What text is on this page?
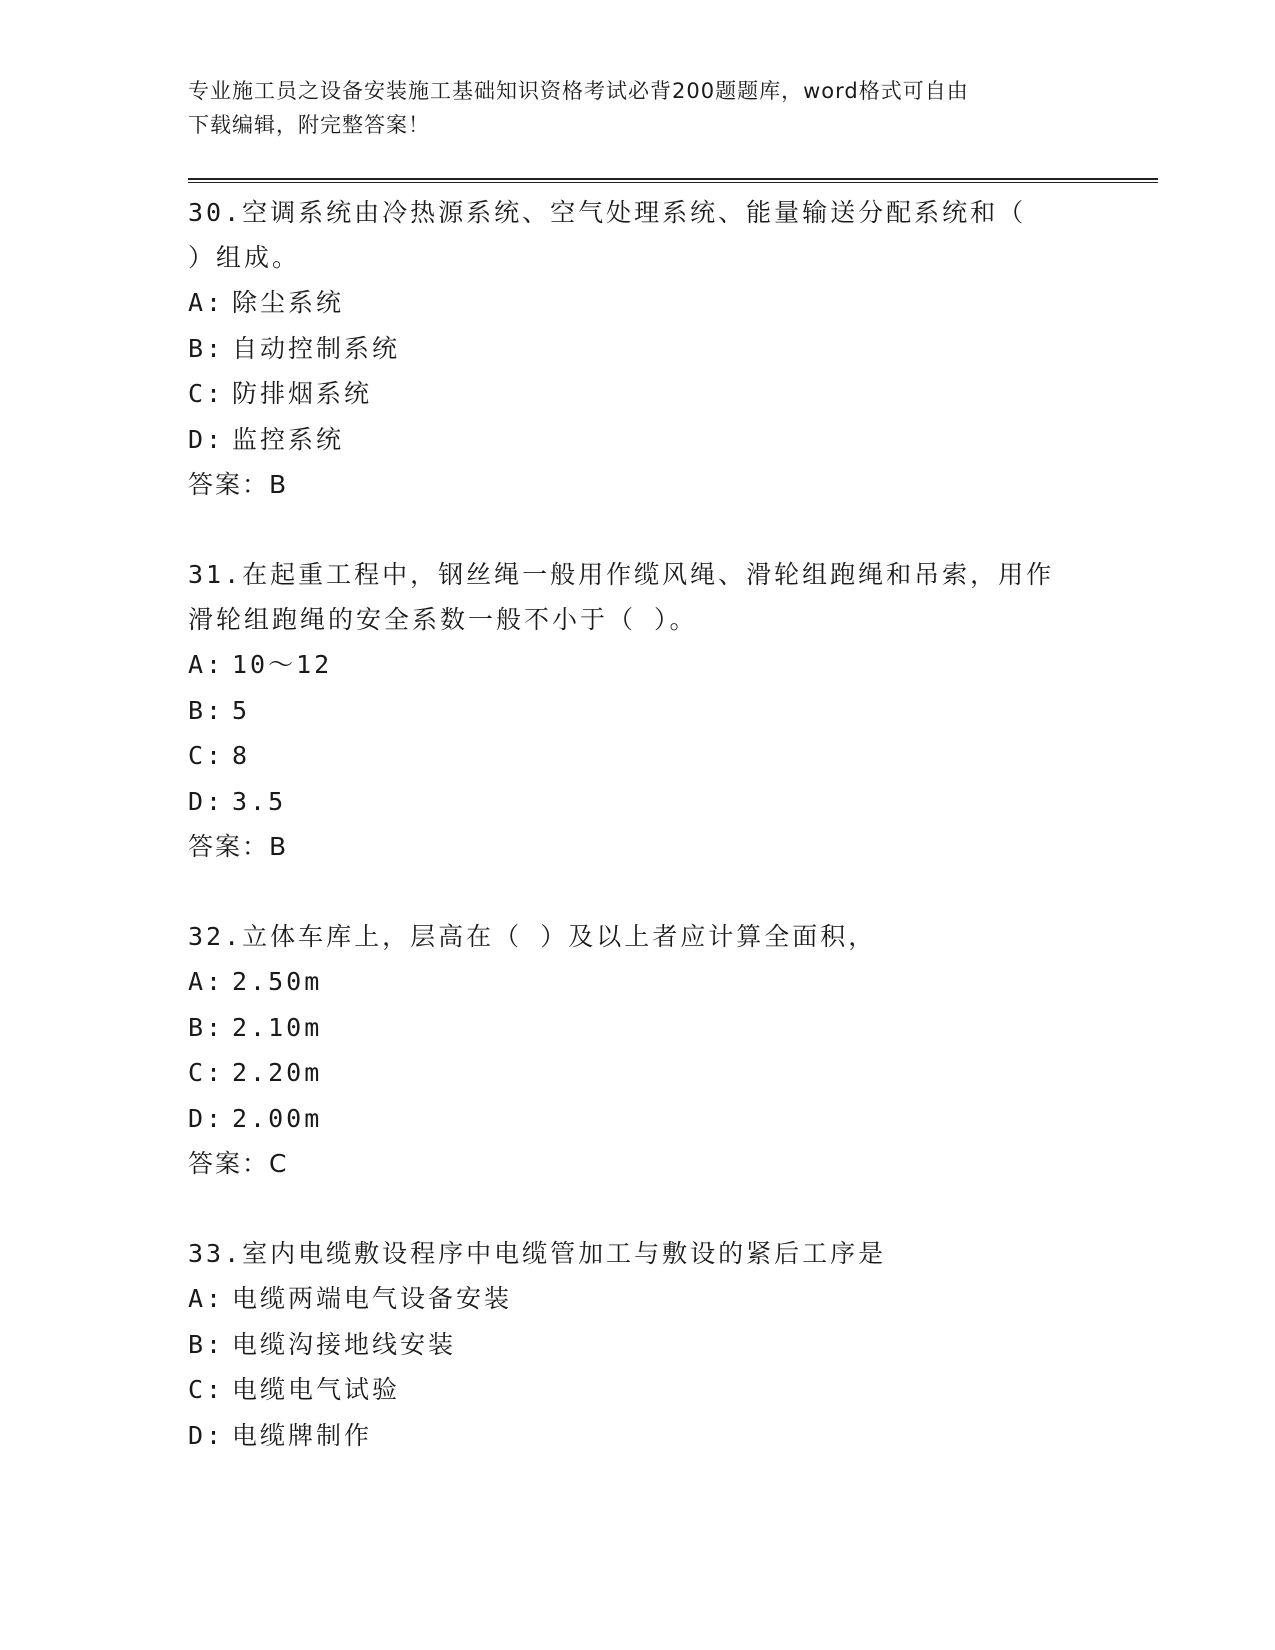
专业施工员之设备安装施工基础知识资格考试必背200题题库，word格式可自由
下载编辑，附完整答案！
30.空调系统由冷热源系统、空气处理系统、能量输送分配系统和（
）组成。
A: 除尘系统
B: 自动控制系统
C: 防排烟系统
D: 监控系统
答案：B
31.在起重工程中，钢丝绳一般用作缆风绳、滑轮组跑绳和吊索，用作
滑轮组跑绳的安全系数一般不小于（ ）。
A: 10～12
B: 5
C: 8
D: 3.5
答案：B
32.立体车库上，层高在（ ）及以上者应计算全面积，
A: 2.50m
B: 2.10m
C: 2.20m
D: 2.00m
答案：C
33.室内电缆敷设程序中电缆管加工与敷设的紧后工序是
A: 电缆两端电气设备安装
B: 电缆沟接地线安装
C: 电缆电气试验
D: 电缆牌制作
